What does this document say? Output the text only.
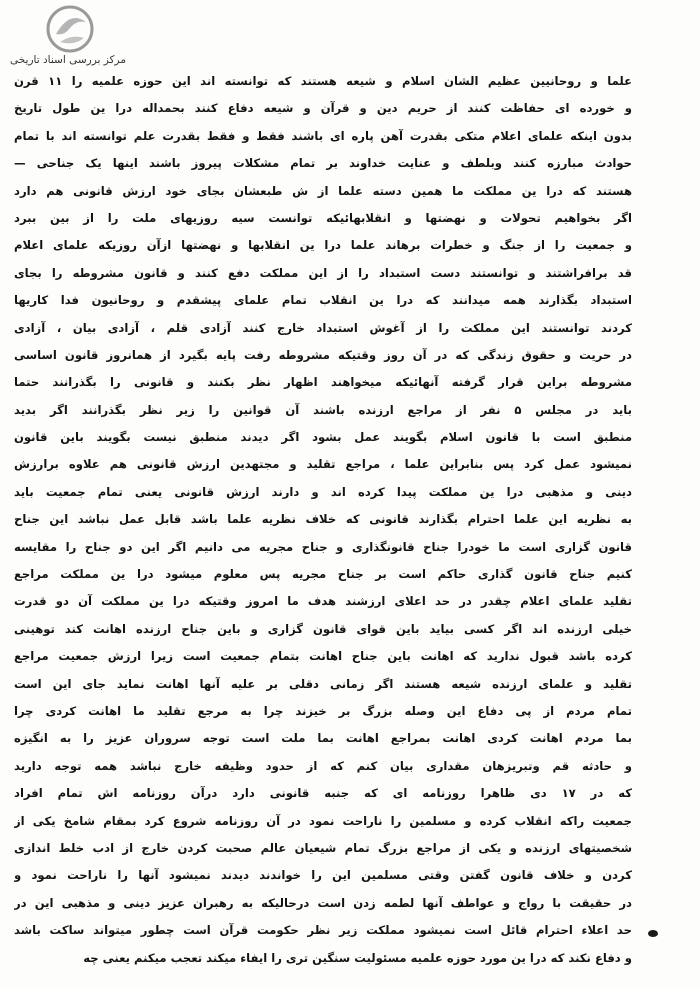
مرکز بررسی اسناد تاریخی
علما و روحانیین عظیم الشان اسلام و شیعه هستند که توانسته اند این حوزه علمیه را ۱۱ قرن
و خورده ای حفاظت کنند از حریم دین و قرآن و شیعه دفاع کنند بحمداله درا ین طول تاریخ
بدون اینکه علمای اعلام متکی بقدرت آهن پاره ای باشند فقط و فقط بقدرت علم توانسته اند با تمام
حوادث مبارزه کنند وبلطف و عنایت خداوند بر تمام مشکلات پیروز باشند اینها یک جناحی —
هستند که درا ین مملکت ما همین دسته علما از ش طبعشان بجای خود ارزش قانونی هم دارد
اگر بخواهیم تحولات و نهضتها و انقلابهائیکه توانست سیه روزیهای ملت را از بین ببرد
و جمعیت را از جنگ و خطرات برهاند علما درا ین انقلابها و نهضتها ازآن روزیکه علمای اعلام
قد برافراشتند و توانستند دست استبداد را از این مملکت دفع کنند و قانون مشروطه را بجای
استبداد بگذارند همه میدانند که درا ین انقلاب تمام علمای پیشقدم و روحانیون فدا کاریها
کردند توانستند این مملکت را از آغوش استبداد خارج کنند آزادی قلم ، آزادی بیان ، آزادی
در حریت و حقوق زندگی که در آن روز وقتیکه مشروطه رفت پایه بگیرد از همانروز قانون اساسی
مشروطه براین قرار گرفته آنهائیکه میخواهند اظهار نظر بکنند و قانونی را بگذرانند حتما
باید در مجلس ۵ نفر از مراجع ارزنده باشند آن قوانین را زیر نظر بگذرانند اگر بدید
منطبق است با قانون اسلام بگویند عمل بشود اگر دیدند منطبق نیست بگویند باین قانون
نمیشود عمل کرد پس بنابراین علما ، مراجع تقلید و مجتهدین ارزش قانونی هم علاوه برارزش
دینی و مذهبی درا ین مملکت پیدا کرده اند و دارند ارزش قانونی یعنی تمام جمعیت باید
به نظریه این علما احترام بگذارند قانونی که خلاف نظریه علما باشد قابل عمل نباشد این جناح
قانون گزاری است ما خودرا جناح قانونگذاری و جناح مجریه می دانیم اگر این دو جناح را مقایسه
کنیم جناح قانون گذاری حاکم است بر جناح مجریه پس معلوم میشود درا ین مملکت مراجع
تقلید علمای اعلام چقدر در حد اعلای ارزشند هدف ما امروز وقتیکه درا ین مملکت آن دو قدرت
خیلی ارزنده اند اگر کسی بیاید باین قوای قانون گزاری و باین جناح ارزنده اهانت کند توهینی
کرده باشد قبول ندارید که اهانت باین جناح اهانت بتمام جمعیت است زیرا ارزش جمعیت مراجع
تقلید و علمای ارزنده شیعه هستند اگر زمانی دقلی بر علیه آنها اهانت نماید جای این است
تمام مردم از پی دفاع این وصله بزرگ بر خیزند چرا به مرجع تقلید ما اهانت کردی چرا
بما مردم اهانت کردی اهانت بمراجع اهانت بما ملت است توجه سروران عزیز را به انگیزه
و حادثه قم وتبریزهان مقداری بیان کنم که از حدود وظیفه خارج نباشد همه توجه دارید
که در ۱۷ دی ظاهرا روزنامه ای که جنبه قانونی دارد درآن روزنامه اش تمام افراد
جمعیت راکه انقلاب کرده و مسلمین را ناراحت نمود در آن روزنامه شروع کرد بمقام شامخ یکی از
شخصیتهای ارزنده و یکی از مراجع بزرگ تمام شیعیان عالم صحبت کردن خارج از ادب خلط اندازی
کردن و خلاف قانون گفتن وقتی مسلمین این را خواندند دیدند نمیشود آنها را ناراحت نمود و
در حقیقت با رواج و عواطف آنها لطمه زدن است درحالیکه به رهبران عزیز دینی و مذهبی این در
حد اعلاء احترام قائل است نمیشود مملکت زیر نظر حکومت قرآن است چطور میتواند ساکت باشد
و دفاع نکند که درا ین مورد حوزه علمیه مسئولیت سنگین تری را ایفاء میکند تعجب میکنم یعنی چه
